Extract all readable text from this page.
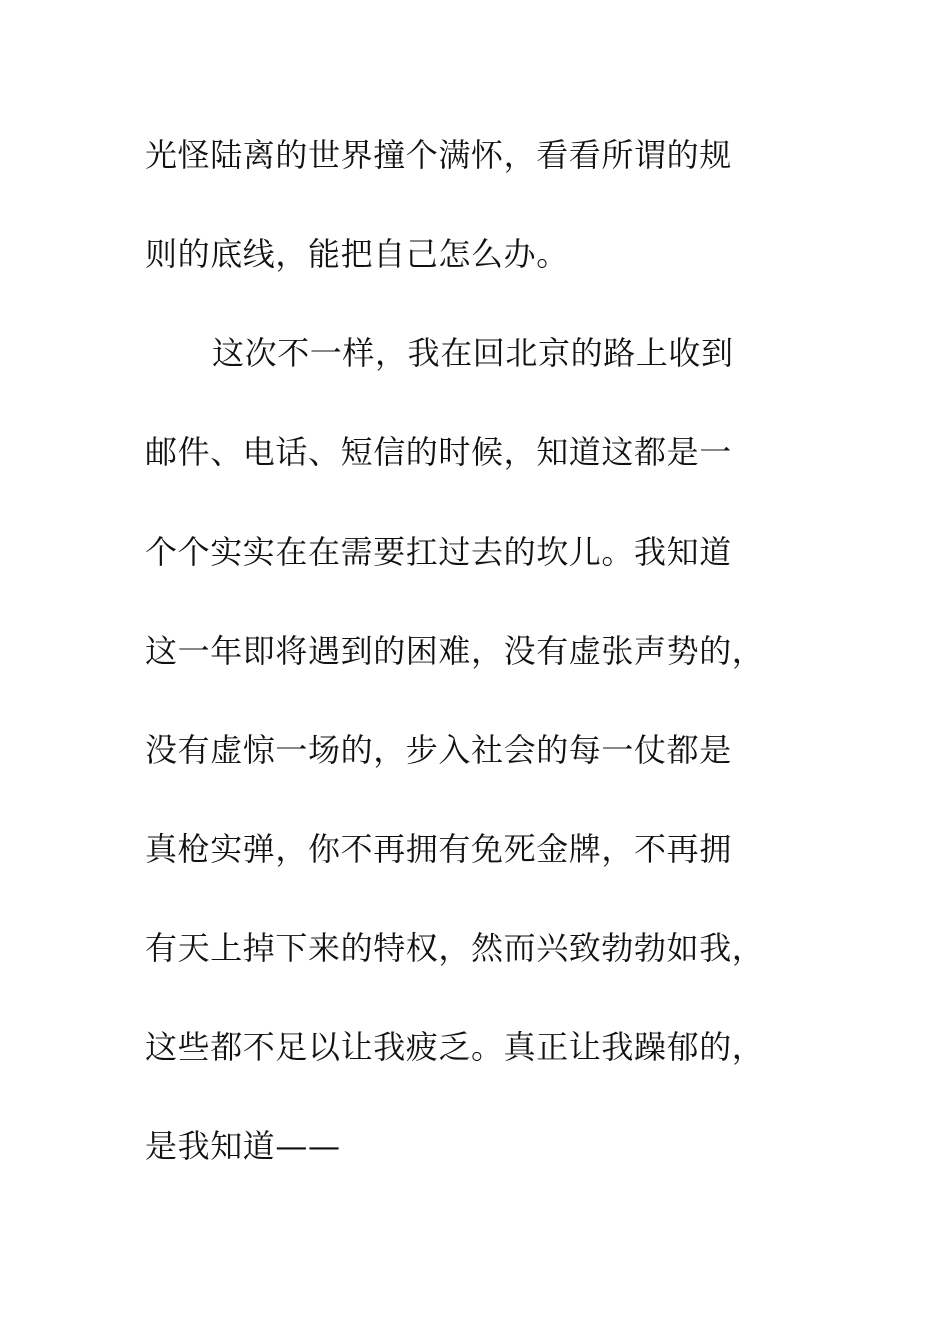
光怪陆离的世界撞个满怀，看看所谓的规
则的底线，能把自己怎么办。
这次不一样，我在回北京的路上收到
邮件、电话、短信的时候，知道这都是一
个个实实在在需要扛过去的坎儿。我知道
这一年即将遇到的困难，没有虚张声势的，
没有虚惊一场的，步入社会的每一仗都是
真枪实弹，你不再拥有免死金牌，不再拥
有天上掉下来的特权，然而兴致勃勃如我，
这些都不足以让我疲乏。真正让我躁郁的，
是我知道——
